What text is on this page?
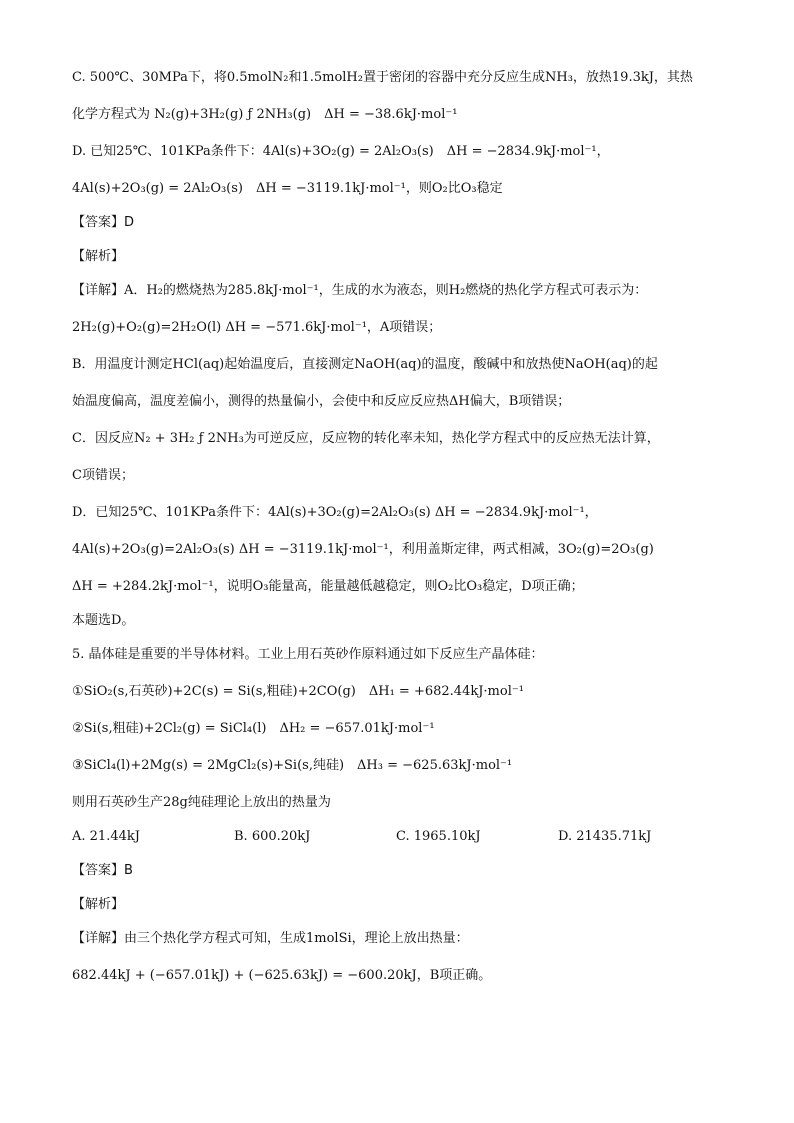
C. 500℃、30MPa下，将0.5molN₂和1.5molH₂置于密闭的容器中充分反应生成NH₃，放热19.3kJ，其热

化学方程式为 N₂(g)+3H₂(g) ƒ 2NH₃(g)　ΔH = −38.6kJ·mol⁻¹

D. 已知25℃、101KPa条件下：4Al(s)+3O₂(g) = 2Al₂O₃(s)　ΔH = −2834.9kJ·mol⁻¹，

4Al(s)+2O₃(g) = 2Al₂O₃(s)　ΔH = −3119.1kJ·mol⁻¹，则O₂比O₃稳定

【答案】D

【解析】

【详解】A．H₂的燃烧热为285.8kJ·mol⁻¹，生成的水为液态，则H₂燃烧的热化学方程式可表示为：

2H₂(g)+O₂(g)=2H₂O(l) ΔH = −571.6kJ·mol⁻¹，A项错误；

B．用温度计测定HCl(aq)起始温度后，直接测定NaOH(aq)的温度，酸碱中和放热使NaOH(aq)的起

始温度偏高，温度差偏小，测得的热量偏小，会使中和反应反应热ΔH偏大，B项错误；

C．因反应N₂ + 3H₂ ƒ 2NH₃为可逆反应，反应物的转化率未知，热化学方程式中的反应热无法计算，

C项错误；

D．已知25℃、101KPa条件下：4Al(s)+3O₂(g)=2Al₂O₃(s) ΔH = −2834.9kJ·mol⁻¹，

4Al(s)+2O₃(g)=2Al₂O₃(s) ΔH = −3119.1kJ·mol⁻¹，利用盖斯定律，两式相减，3O₂(g)=2O₃(g)

ΔH = +284.2kJ·mol⁻¹，说明O₃能量高，能量越低越稳定，则O₂比O₃稳定，D项正确；

本题选D。

5. 晶体硅是重要的半导体材料。工业上用石英砂作原料通过如下反应生产晶体硅：

①SiO₂(s,石英砂)+2C(s) = Si(s,粗硅)+2CO(g)　ΔH₁ = +682.44kJ·mol⁻¹

②Si(s,粗硅)+2Cl₂(g) = SiCl₄(l)　ΔH₂ = −657.01kJ·mol⁻¹

③SiCl₄(l)+2Mg(s) = 2MgCl₂(s)+Si(s,纯硅)　ΔH₃ = −625.63kJ·mol⁻¹

则用石英砂生产28g纯硅理论上放出的热量为

A. 21.44kJ	B. 600.20kJ	C. 1965.10kJ	D. 21435.71kJ

【答案】B

【解析】

【详解】由三个热化学方程式可知，生成1molSi，理论上放出热量：

682.44kJ + (−657.01kJ) + (−625.63kJ) = −600.20kJ，B项正确。
